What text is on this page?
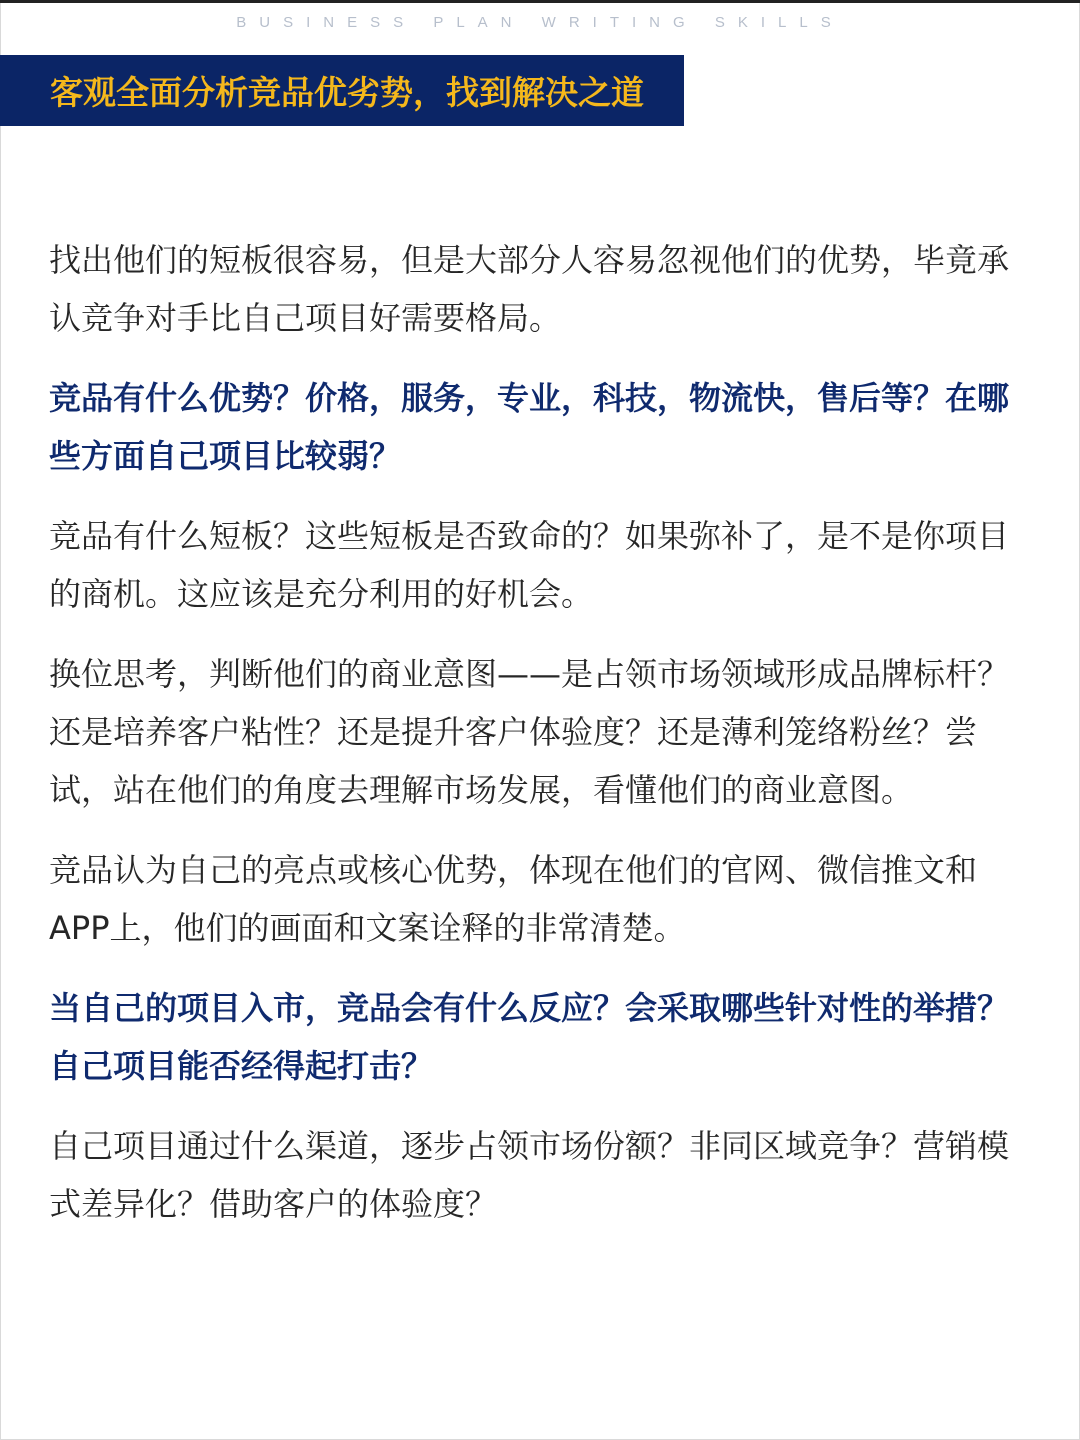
BUSINESS PLAN WRITING SKILLS
客观全面分析竞品优劣势，找到解决之道

找出他们的短板很容易，但是大部分人容易忽视他们的优势，毕竟承认竞争对手比自己项目好需要格局。

竞品有什么优势？价格，服务，专业，科技，物流快，售后等？在哪些方面自己项目比较弱？

竞品有什么短板？这些短板是否致命的？如果弥补了，是不是你项目的商机。这应该是充分利用的好机会。

换位思考，判断他们的商业意图——是占领市场领域形成品牌标杆？还是培养客户粘性？还是提升客户体验度？还是薄利笼络粉丝？尝试，站在他们的角度去理解市场发展，看懂他们的商业意图。

竞品认为自己的亮点或核心优势，体现在他们的官网、微信推文和APP上，他们的画面和文案诠释的非常清楚。

当自己的项目入市，竞品会有什么反应？会采取哪些针对性的举措？自己项目能否经得起打击？

自己项目通过什么渠道，逐步占领市场份额？非同区域竞争？营销模式差异化？借助客户的体验度？
